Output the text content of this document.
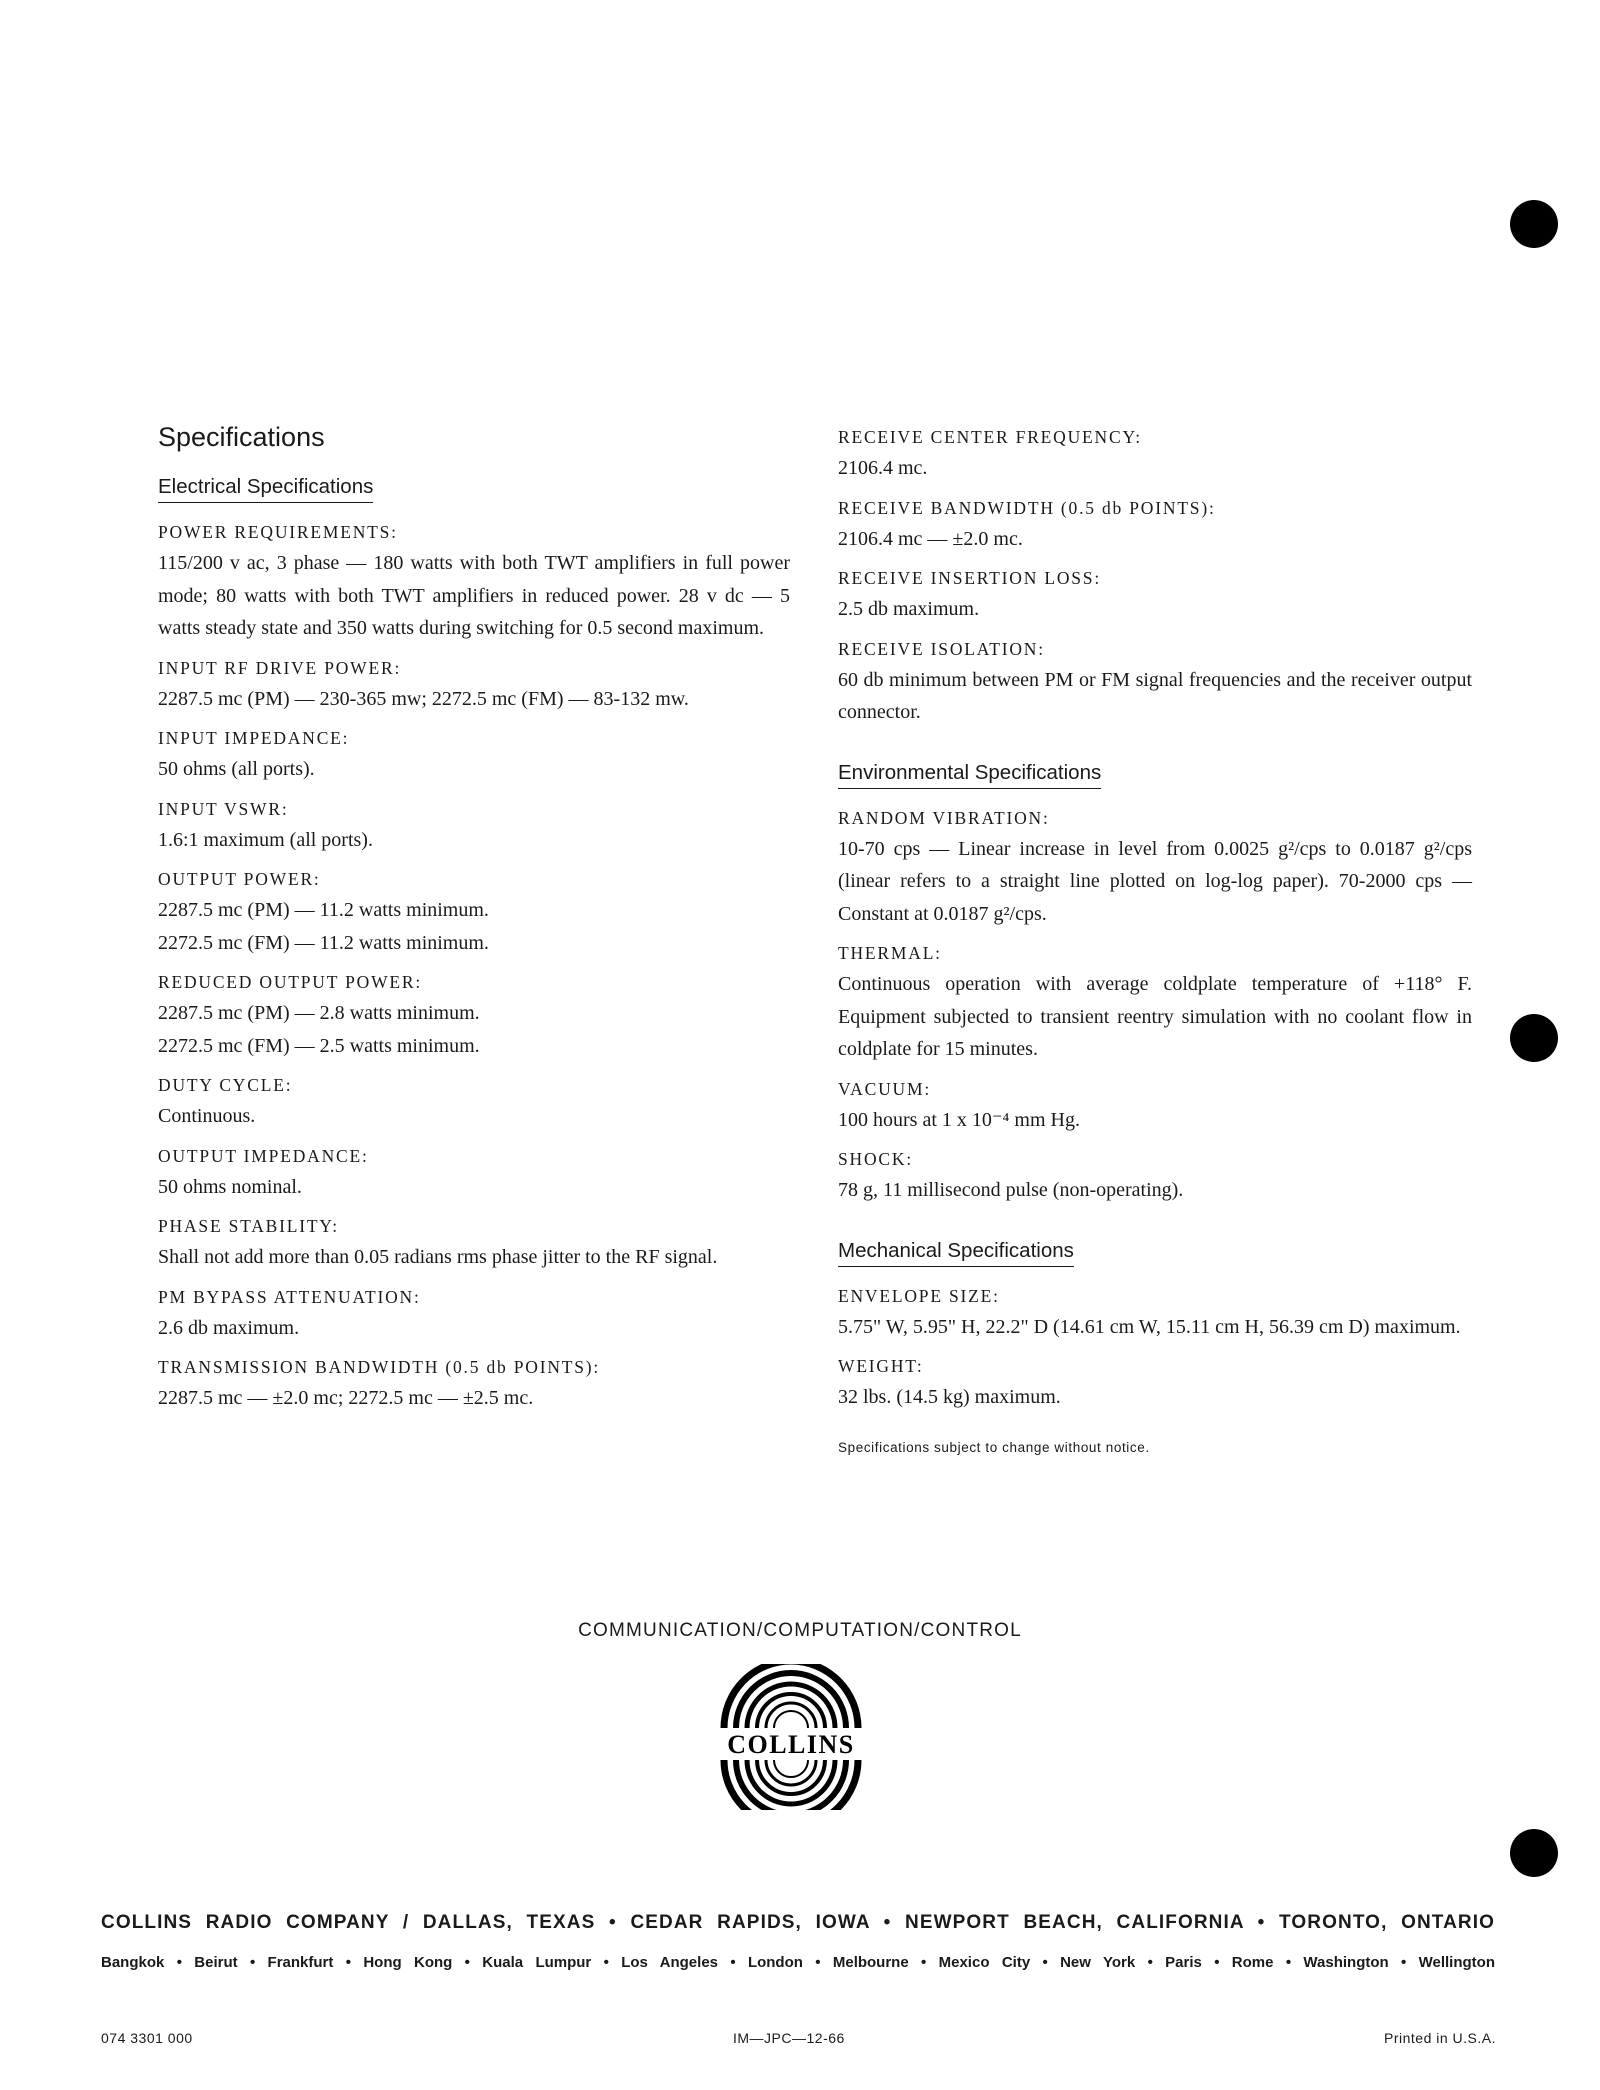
Specifications
Electrical Specifications
POWER REQUIREMENTS:
115/200 v ac, 3 phase — 180 watts with both TWT amplifiers in full power mode; 80 watts with both TWT amplifiers in reduced power. 28 v dc — 5 watts steady state and 350 watts during switching for 0.5 second maximum.
INPUT RF DRIVE POWER:
2287.5 mc (PM) — 230-365 mw; 2272.5 mc (FM) — 83-132 mw.
INPUT IMPEDANCE:
50 ohms (all ports).
INPUT VSWR:
1.6:1 maximum (all ports).
OUTPUT POWER:
2287.5 mc (PM) — 11.2 watts minimum.
2272.5 mc (FM) — 11.2 watts minimum.
REDUCED OUTPUT POWER:
2287.5 mc (PM) — 2.8 watts minimum.
2272.5 mc (FM) — 2.5 watts minimum.
DUTY CYCLE:
Continuous.
OUTPUT IMPEDANCE:
50 ohms nominal.
PHASE STABILITY:
Shall not add more than 0.05 radians rms phase jitter to the RF signal.
PM BYPASS ATTENUATION:
2.6 db maximum.
TRANSMISSION BANDWIDTH (0.5 db POINTS):
2287.5 mc — ±2.0 mc; 2272.5 mc — ±2.5 mc.
RECEIVE CENTER FREQUENCY:
2106.4 mc.
RECEIVE BANDWIDTH (0.5 db POINTS):
2106.4 mc — ±2.0 mc.
RECEIVE INSERTION LOSS:
2.5 db maximum.
RECEIVE ISOLATION:
60 db minimum between PM or FM signal frequencies and the receiver output connector.
Environmental Specifications
RANDOM VIBRATION:
10-70 cps — Linear increase in level from 0.0025 g²/cps to 0.0187 g²/cps (linear refers to a straight line plotted on log-log paper). 70-2000 cps — Constant at 0.0187 g²/cps.
THERMAL:
Continuous operation with average coldplate temperature of +118° F. Equipment subjected to transient reentry simulation with no coolant flow in coldplate for 15 minutes.
VACUUM:
100 hours at 1 x 10⁻⁴ mm Hg.
SHOCK:
78 g, 11 millisecond pulse (non-operating).
Mechanical Specifications
ENVELOPE SIZE:
5.75" W, 5.95" H, 22.2" D (14.61 cm W, 15.11 cm H, 56.39 cm D) maximum.
WEIGHT:
32 lbs. (14.5 kg) maximum.
Specifications subject to change without notice.
COMMUNICATION/COMPUTATION/CONTROL
COLLINS
COLLINS RADIO COMPANY / DALLAS, TEXAS • CEDAR RAPIDS, IOWA • NEWPORT BEACH, CALIFORNIA • TORONTO, ONTARIO
Bangkok • Beirut • Frankfurt • Hong Kong • Kuala Lumpur • Los Angeles • London • Melbourne • Mexico City • New York • Paris • Rome • Washington • Wellington
074 3301 000	IM—JPC—12-66	Printed in U.S.A.
